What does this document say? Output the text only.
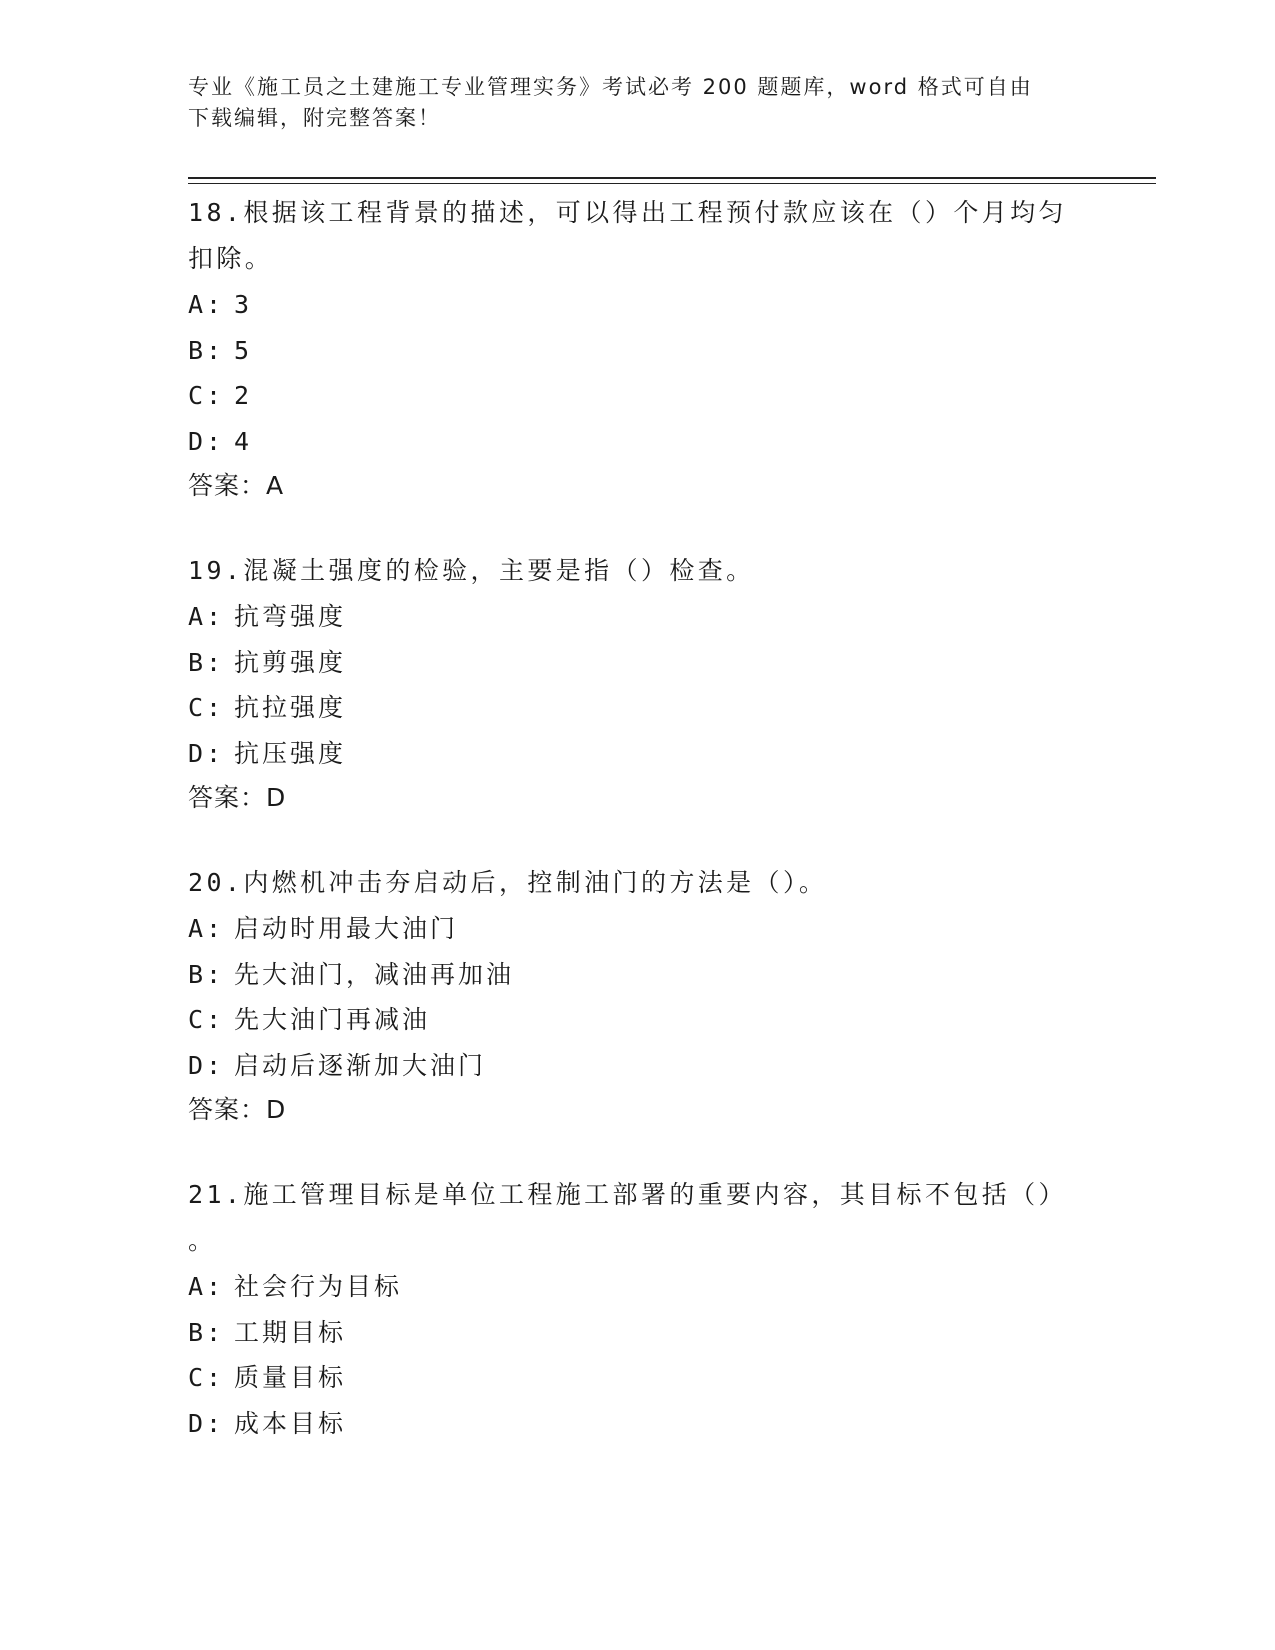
专业《施工员之土建施工专业管理实务》考试必考 200 题题库，word 格式可自由
下载编辑，附完整答案！

18.根据该工程背景的描述，可以得出工程预付款应该在（）个月均匀

扣除。

A: 3

B: 5

C: 2

D: 4

答案：A

19.混凝土强度的检验，主要是指（）检查。

A: 抗弯强度

B: 抗剪强度

C: 抗拉强度

D: 抗压强度

答案：D

20.内燃机冲击夯启动后，控制油门的方法是（）。

A: 启动时用最大油门

B: 先大油门，减油再加油

C: 先大油门再减油

D: 启动后逐渐加大油门

答案：D

21.施工管理目标是单位工程施工部署的重要内容，其目标不包括（）

。

A: 社会行为目标

B: 工期目标

C: 质量目标

D: 成本目标
